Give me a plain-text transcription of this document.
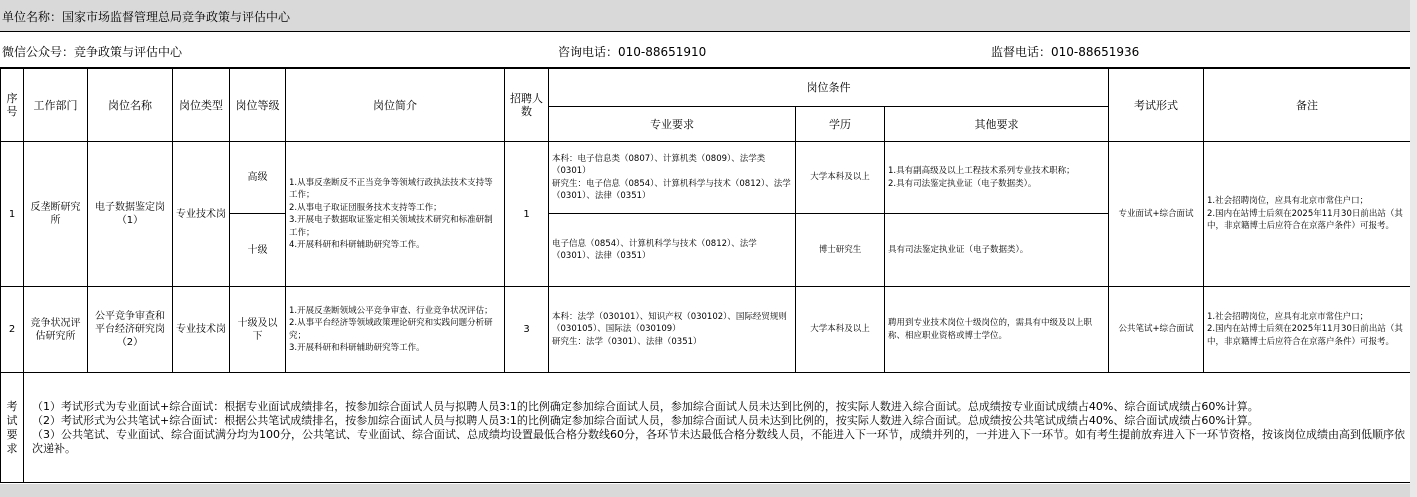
单位名称：国家市场监督管理总局竞争政策与评估中心
微信公众号：竞争政策与评估中心	咨询电话：010-88651910	监督电话：010-88651936
序号	工作部门	岗位名称	岗位类型	岗位等级	岗位简介	招聘人数	岗位条件			考试形式	备注
							专业要求	学历	其他要求		
1	反垄断研究所	电子数据鉴定岗（1）	专业技术岗	高级	1.从事反垄断反不正当竞争等领域行政执法技术支持等工作；
2.从事电子取证団服务技术支持等工作；
3.开展电子数据取证鉴定相关领域技术研究和标准研制工作；
4.开展科研和科研辅助研究等工作。	1	本科：电子信息类（0807）、计算机类（0809）、法学类（0301）
研究生：电子信息（0854）、计算机科学与技术（0812）、法学（0301）、法律（0351）	大学本科及以上	1.具有副高级及以上工程技术系列专业技术职称；
2.具有司法鉴定执业证（电子数据类）。	专业面试+综合面试	1.社会招聘岗位，应具有北京市常住户口；
2.国内在站博士后须在2025年11月30日前出站（其中，非京籍博士后应符合在京落户条件）可报考。
				十级			电子信息（0854）、计算机科学与技术（0812）、法学（0301）、法律（0351）	博士研究生	具有司法鉴定执业证（电子数据类）。		
2	竞争状况评估研究所	公平竞争审查和平台经济研究岗（2）	专业技术岗	十级及以下	1.开展反垄断领域公平竞争审查、行业竞争状况评估；
2.从事平台经济等领域政策理论研究和实践问题分析研究；
3.开展科研和科研辅助研究等工作。	3	本科：法学（030101）、知识产权（030102）、国际经贸规则（030105）、国际法（030109）
研究生：法学（0301）、法律（0351）	大学本科及以上	聘用到专业技术岗位十级岗位的，需具有中级及以上职称、相应职业资格或博士学位。	公共笔试+综合面试	1.社会招聘岗位，应具有北京市常住户口；
2.国内在站博士后须在2025年11月30日前出站（其中，非京籍博士后应符合在京落户条件）可报考。
考试要求	（1）考试形式为专业面试+综合面试：根据专业面试成绩排名，按参加综合面试人员与拟聘人员3:1的比例确定参加综合面试人员，参加综合面试人员未达到比例的，按实际人数进入综合面试。总成绩按专业面试成绩占40%、综合面试成绩占60%计算。
（2）考试形式为公共笔试+综合面试：根据公共笔试成绩排名，按参加综合面试人员与拟聘人员3:1的比例确定参加综合面试人员，参加综合面试人员未达到比例的，按实际人数进入综合面试。总成绩按公共笔试成绩占40%、综合面试成绩占60%计算。
（3）公共笔试、专业面试、综合面试满分均为100分，公共笔试、专业面试、综合面试、总成绩均设置最低合格分数线60分，各环节未达最低合格分数线人员，不能进入下一环节，成绩并列的，一并进入下一环节。如有考生提前放弃进入下一环节资格，按该岗位成绩由高到低顺序依次递补。										
